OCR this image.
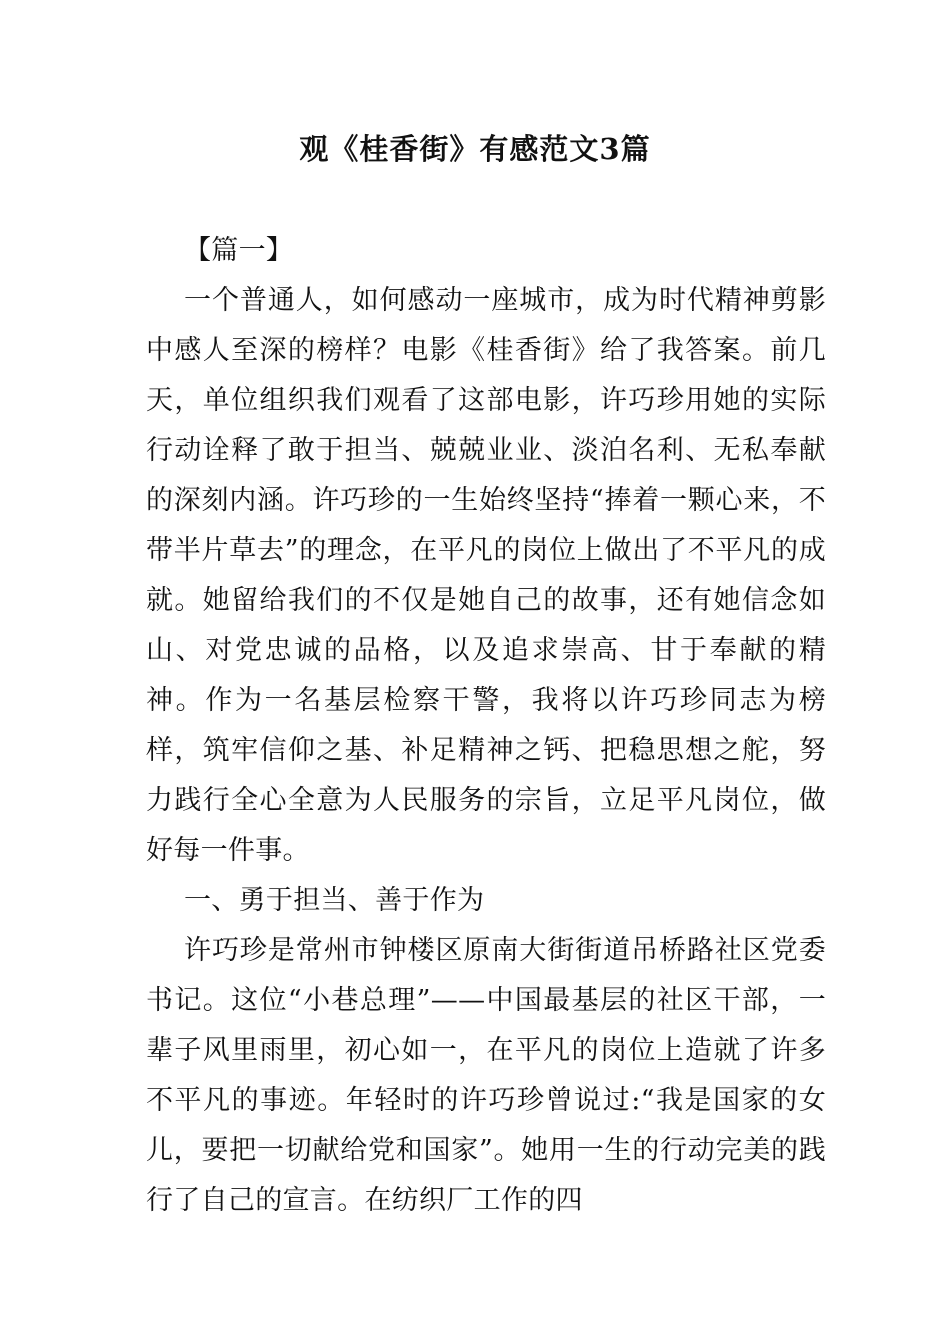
观《桂香街》有感范文3篇

【篇一】

一个普通人，如何感动一座城市，成为时代精神剪影中感人至深的榜样？电影《桂香街》给了我答案。前几天，单位组织我们观看了这部电影，许巧珍用她的实际行动诠释了敢于担当、兢兢业业、淡泊名利、无私奉献的深刻内涵。许巧珍的一生始终坚持“捧着一颗心来，不带半片草去”的理念，在平凡的岗位上做出了不平凡的成就。她留给我们的不仅是她自己的故事，还有她信念如山、对党忠诚的品格，以及追求崇高、甘于奉献的精神。作为一名基层检察干警，我将以许巧珍同志为榜样，筑牢信仰之基、补足精神之钙、把稳思想之舵，努力践行全心全意为人民服务的宗旨，立足平凡岗位，做好每一件事。

一、勇于担当、善于作为

许巧珍是常州市钟楼区原南大街街道吊桥路社区党委书记。这位“小巷总理”——中国最基层的社区干部，一辈子风里雨里，初心如一，在平凡的岗位上造就了许多不平凡的事迹。年轻时的许巧珍曾说过:“我是国家的女儿，要把一切献给党和国家”。她用一生的行动完美的践行了自己的宣言。在纺织厂工作的四
